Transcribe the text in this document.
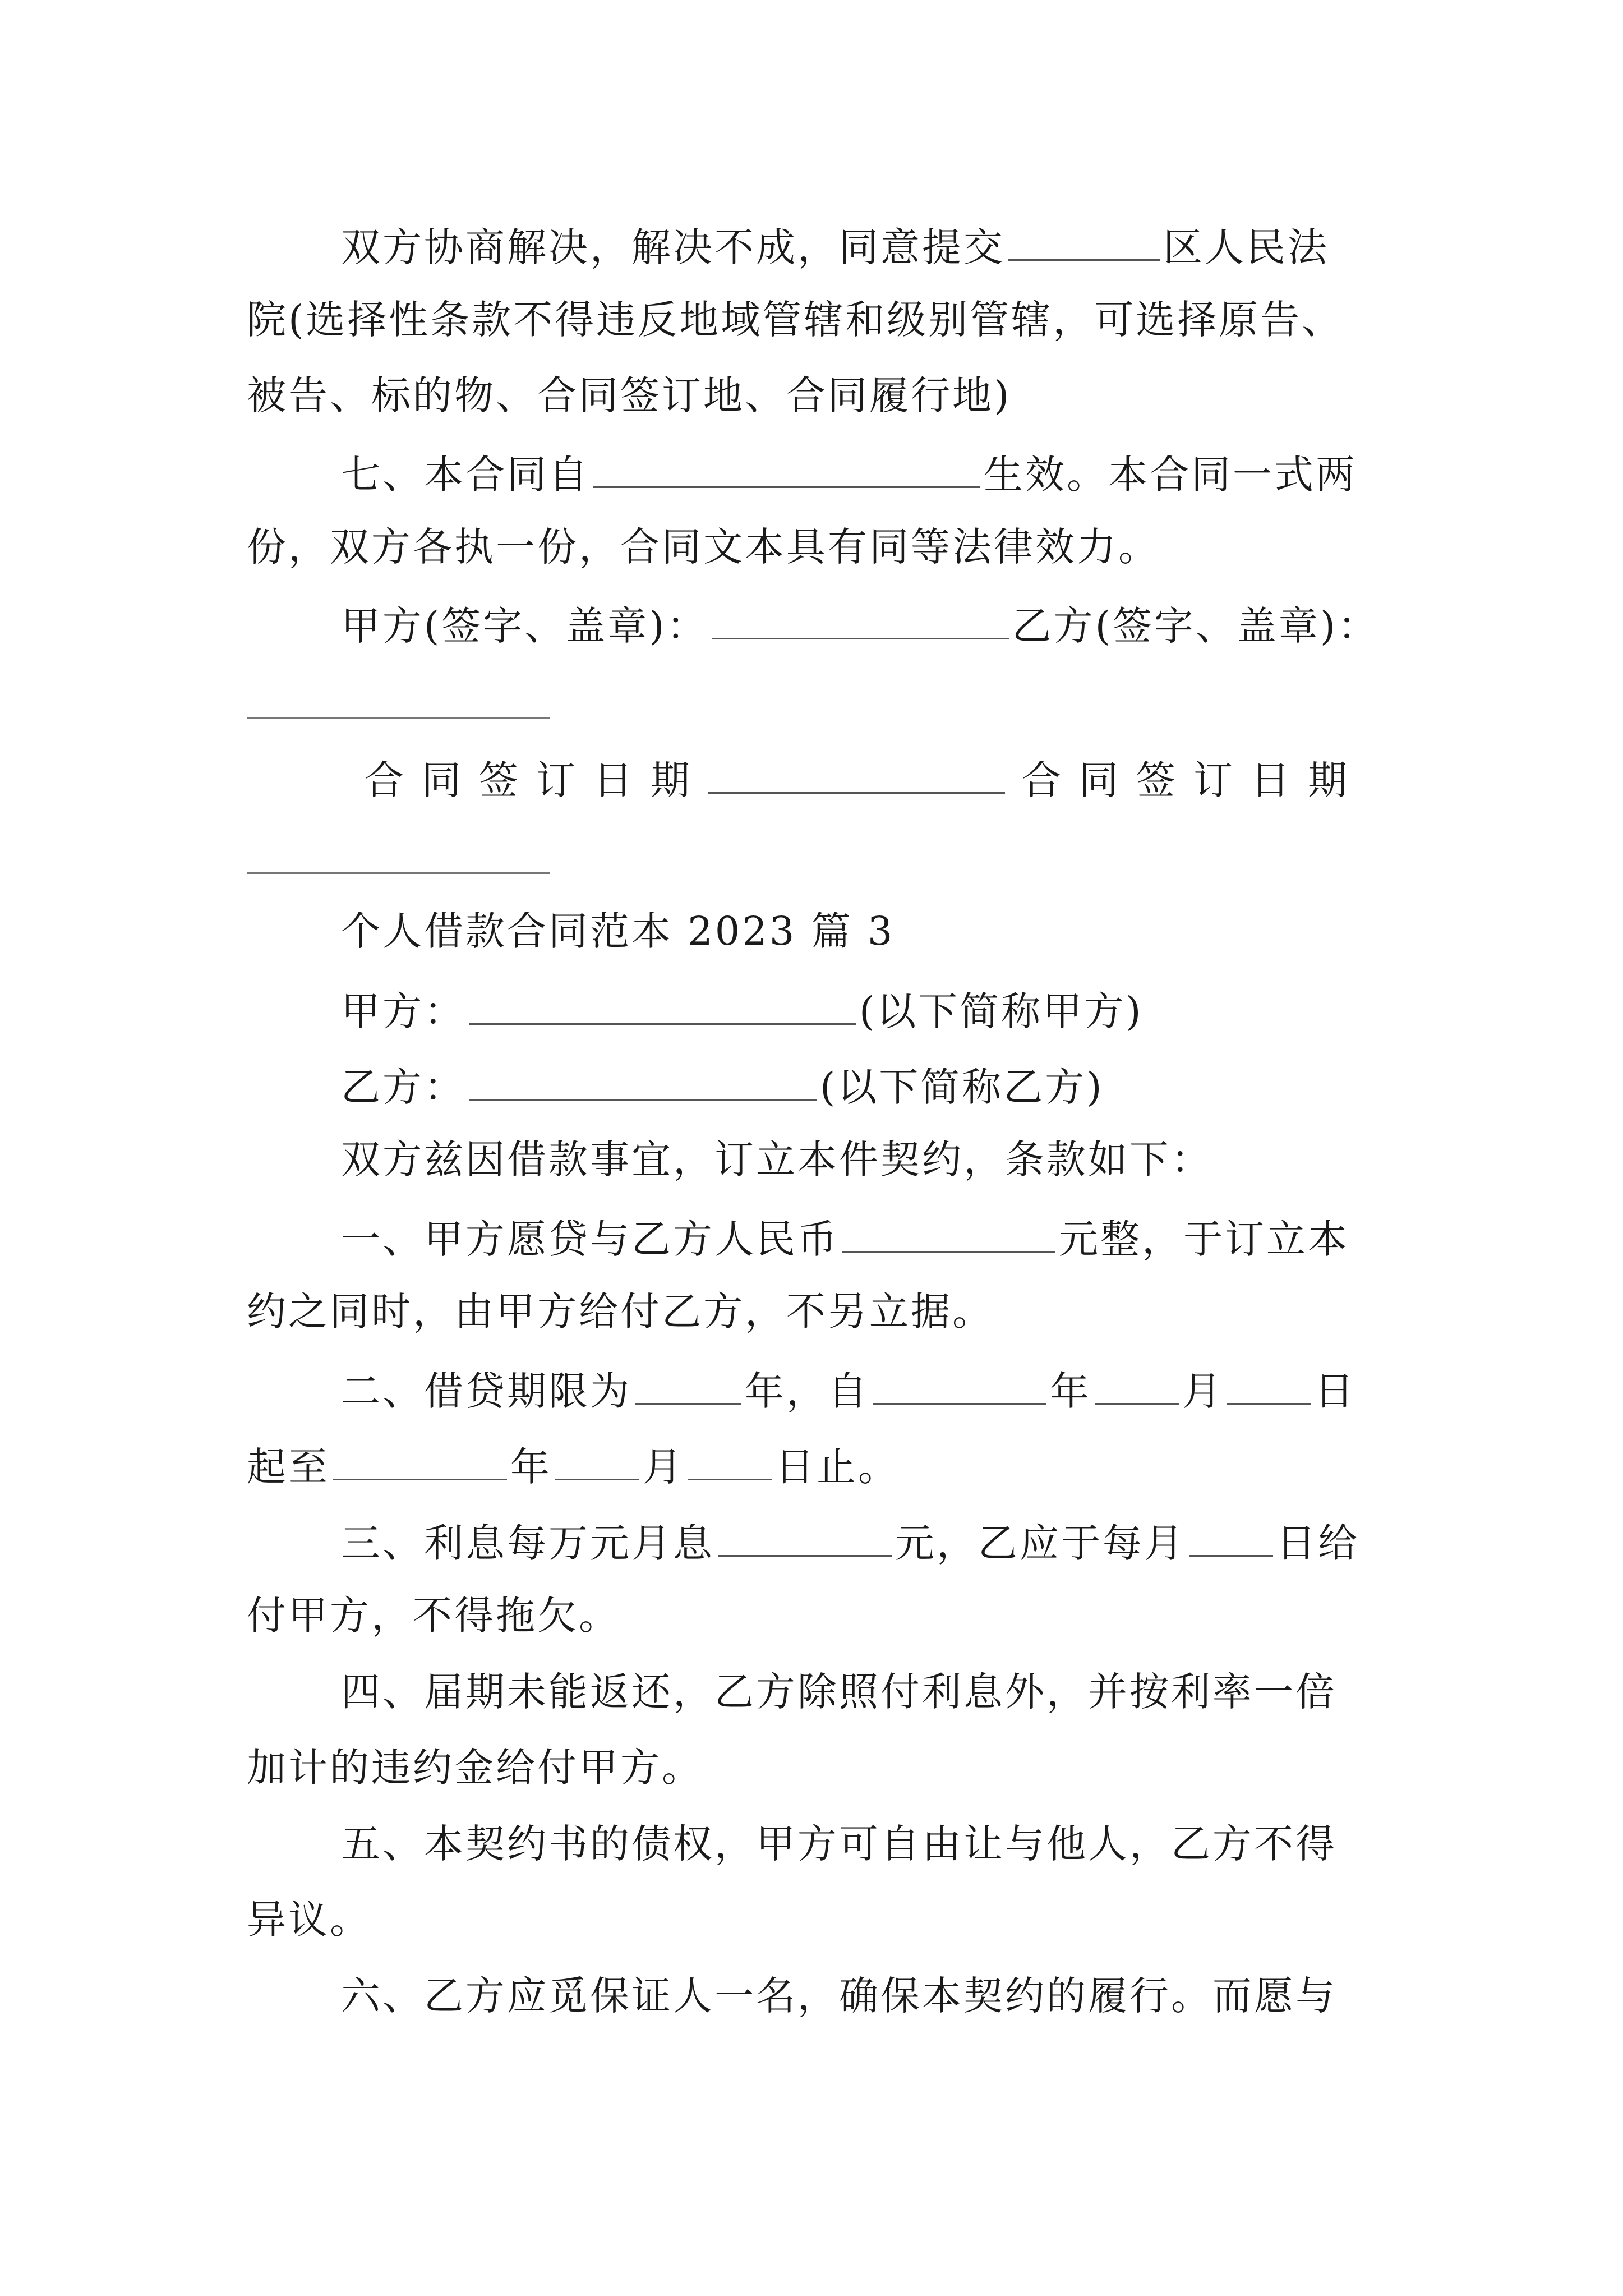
双方协商解决，解决不成，同意提交	区人民法
院(选择性条款不得违反地域管辖和级别管辖，可选择原告、
被告、标的物、合同签订地、合同履行地)
七、本合同自	生效。本合同一式两
份，双方各执一份，合同文本具有同等法律效力。
甲方(签字、盖章)：	乙方(签字、盖章)：
合同签订日期	合同签订日期
个人借款合同范本 2023 篇 3
甲方：	(以下简称甲方)
乙方：	(以下简称乙方)
双方兹因借款事宜，订立本件契约，条款如下：
一、甲方愿贷与乙方人民币	元整，于订立本
约之同时，由甲方给付乙方，不另立据。
二、借贷期限为	年，自	年 月 日
起至	年 月 日止。
三、利息每万元月息	元，乙应于每月 日给
付甲方，不得拖欠。
四、届期未能返还，乙方除照付利息外，并按利率一倍
加计的违约金给付甲方。
五、本契约书的债权，甲方可自由让与他人，乙方不得
异议。
六、乙方应觅保证人一名，确保本契约的履行。而愿与
